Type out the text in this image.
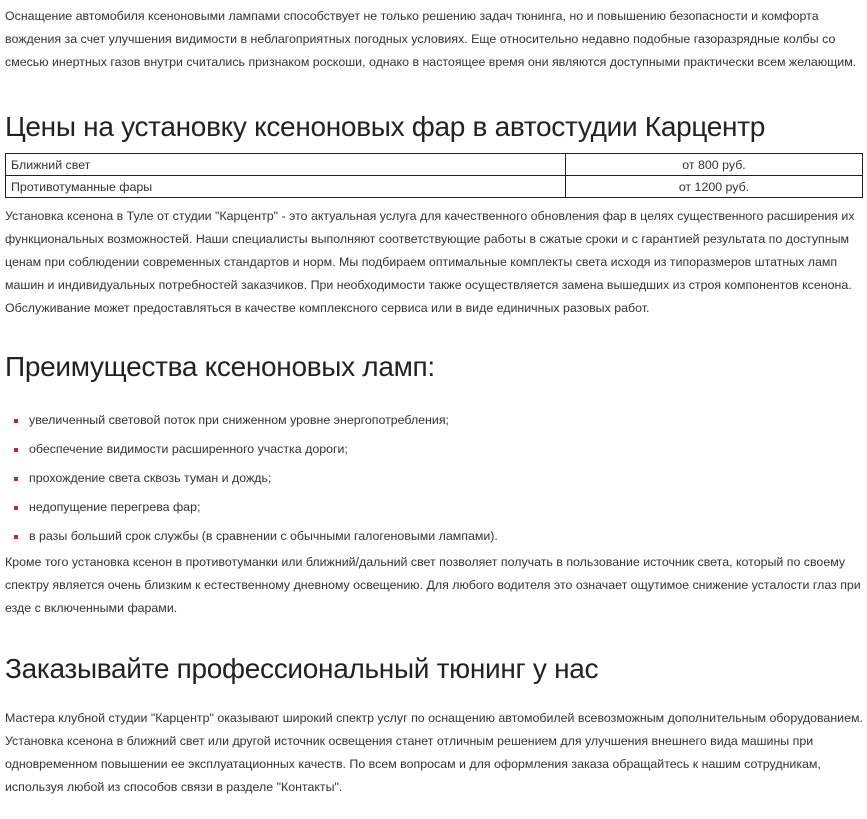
Оснащение автомобиля ксеноновыми лампами способствует не только решению задач тюнинга, но и повышению безопасности и комфорта вождения за счет улучшения видимости в неблагоприятных погодных условиях. Еще относительно недавно подобные газоразрядные колбы со смесью инертных газов внутри считались признаком роскоши, однако в настоящее время они являются доступными практически всем желающим.

Цены на установку ксеноновых фар в автостудии Карцентр
Ближний свет	от 800 руб.
Противотуманные фары	от 1200 руб.

Установка ксенона в Туле от студии "Карцентр" - это актуальная услуга для качественного обновления фар в целях существенного расширения их функциональных возможностей. Наши специалисты выполняют соответствующие работы в сжатые сроки и с гарантией результата по доступным ценам при соблюдении современных стандартов и норм. Мы подбираем оптимальные комплекты света исходя из типоразмеров штатных ламп машин и индивидуальных потребностей заказчиков. При необходимости также осуществляется замена вышедших из строя компонентов ксенона. Обслуживание может предоставляться в качестве комплексного сервиса или в виде единичных разовых работ.

Преимущества ксеноновых ламп:
увеличенный световой поток при сниженном уровне энергопотребления;
обеспечение видимости расширенного участка дороги;
прохождение света сквозь туман и дождь;
недопущение перегрева фар;
в разы больший срок службы (в сравнении с обычными галогеновыми лампами).

Кроме того установка ксенон в противотуманки или ближний/дальний свет позволяет получать в пользование источник света, который по своему спектру является очень близким к естественному дневному освещению. Для любого водителя это означает ощутимое снижение усталости глаз при езде с включенными фарами.

Заказывайте профессиональный тюнинг у нас

Мастера клубной студии "Карцентр" оказывают широкий спектр услуг по оснащению автомобилей всевозможным дополнительным оборудованием. Установка ксенона в ближний свет или другой источник освещения станет отличным решением для улучшения внешнего вида машины при одновременном повышении ее эксплуатационных качеств. По всем вопросам и для оформления заказа обращайтесь к нашим сотрудникам, используя любой из способов связи в разделе "Контакты".
